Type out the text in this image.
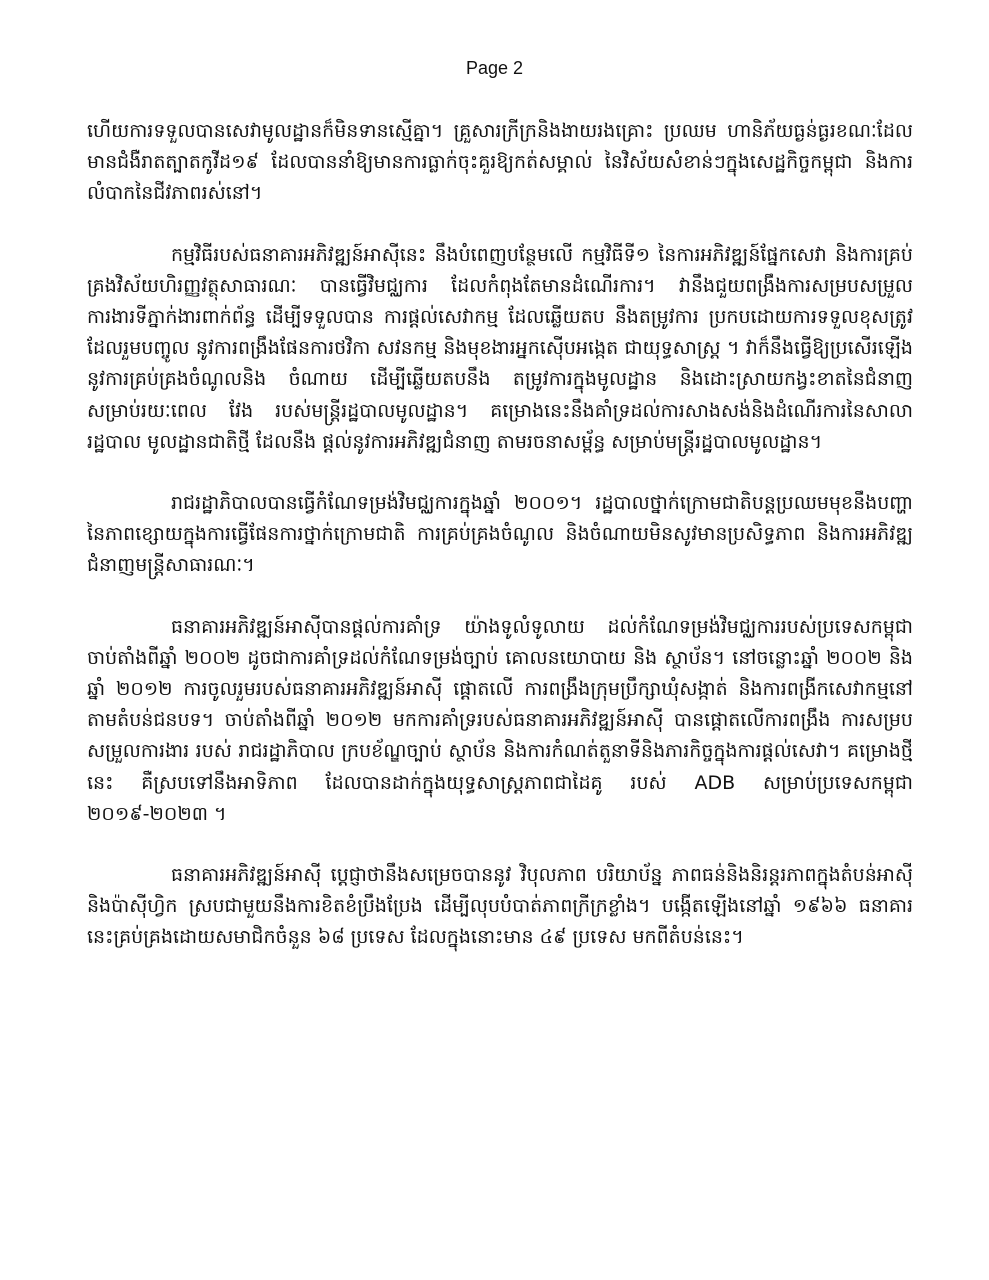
Page 2

ហើយការទទួលបានសេវាមូលដ្ឋានក៏មិនទានស្មើគ្នា។ គ្រួសារក្រីក្រនិងងាយរងគ្រោះ ប្រឈម ហានិភ័យធ្ងន់ធ្ងរខណៈដែលមានជំងឺរាតត្បាតកូវីដ១៩ ដែលបាននាំឱ្យមានការធ្លាក់ចុះគួរឱ្យកត់សម្គាល់ នៃវិស័យសំខាន់ៗក្នុងសេដ្ឋកិច្ចកម្ពុជា និងការលំបាកនៃជីវភាពរស់នៅ។

កម្មវិធីរបស់ធនាគារអភិវឌ្ឍន៍អាស៊ីនេះ នឹងបំពេញបន្ថែមលើ កម្មវិធីទី១ នៃការអភិវឌ្ឍន៍ផ្នែកសេវា និងការគ្រប់គ្រងវិស័យហិរញ្ញវត្ថុសាធារណៈ បានធ្វើវិមជ្ឈការ ដែលកំពុងតែមានដំណើរការ។ វានឹងជួយពង្រឹងការសម្របសម្រួលការងារទីភ្នាក់ងារពាក់ព័ន្ធ ដើម្បីទទួលបាន ការផ្តល់សេវាកម្ម ដែលឆ្លើយតប នឹងតម្រូវការ ប្រកបដោយការទទួលខុសត្រូវ ដែលរួមបញ្ចូល នូវការពង្រឹងផែនការថវិកា សវនកម្ម និងមុខងារអ្នកស៊ើបអង្កេត ជាយុទ្ធសាស្ត្រ ។ វាក៏នឹងធ្វើឱ្យប្រសើរឡើង នូវការគ្រប់គ្រងចំណូលនិង ចំណាយ ដើម្បីឆ្លើយតបនឹង តម្រូវការក្នុងមូលដ្ឋាន និងដោះស្រាយកង្វះខាតនៃជំនាញសម្រាប់រយៈពេល វែង របស់មន្ត្រីរដ្ឋបាលមូលដ្ឋាន។ គម្រោងនេះនឹងគាំទ្រដល់ការសាងសង់និងដំណើរការនៃសាលារដ្ឋបាល មូលដ្ឋានជាតិថ្មី ដែលនឹង ផ្តល់នូវការអភិវឌ្ឍជំនាញ តាមរចនាសម្ព័ន្ធ សម្រាប់មន្ត្រីរដ្ឋបាលមូលដ្ឋាន។

រាជរដ្ឋាភិបាលបានធ្វើកំណែទម្រង់វិមជ្ឈការក្នុងឆ្នាំ ២០០១។ រដ្ឋបាលថ្នាក់ក្រោមជាតិបន្តប្រឈមមុខនឹងបញ្ហានៃភាពខ្សោយក្នុងការធ្វើផែនការថ្នាក់ក្រោមជាតិ ការគ្រប់គ្រងចំណូល និងចំណាយមិនសូវមានប្រសិទ្ធភាព និងការអភិវឌ្ឍជំនាញមន្ត្រីសាធារណៈ។

ធនាគារអភិវឌ្ឍន៍អាស៊ីបានផ្តល់ការគាំទ្រ យ៉ាងទូលំទូលាយ ដល់កំណែទម្រង់វិមជ្ឈការរបស់ប្រទេសកម្ពុជា ចាប់តាំងពីឆ្នាំ ២០០២ ដូចជាការគាំទ្រដល់កំណែទម្រង់ច្បាប់ គោលនយោបាយ និង ស្ថាប័ន។ នៅចន្លោះឆ្នាំ ២០០២ និងឆ្នាំ ២០១២ ការចូលរួមរបស់ធនាគារអភិវឌ្ឍន៍អាស៊ី ផ្តោតលើ ការពង្រឹងក្រុមប្រឹក្សាឃុំសង្កាត់ និងការពង្រីកសេវាកម្មនៅតាមតំបន់ជនបទ។ ចាប់តាំងពីឆ្នាំ ២០១២ មកការគាំទ្ររបស់ធនាគារអភិវឌ្ឍន៍អាស៊ី បានផ្តោតលើការពង្រឹង ការសម្របសម្រួលការងារ របស់ រាជរដ្ឋាភិបាល ក្របខ័ណ្ឌច្បាប់ ស្ថាប័ន និងការកំណត់តួនាទីនិងភារកិច្ចក្នុងការផ្តល់សេវា។ គម្រោងថ្មីនេះ គឺស្របទៅនឹងអាទិភាព ដែលបានដាក់ក្នុងយុទ្ធសាស្ត្រភាពជាដៃគូ របស់ ADB សម្រាប់ប្រទេសកម្ពុជា ២០១៩-២០២៣ ។

ធនាគារអភិវឌ្ឍន៍អាស៊ី ប្តេជ្ញាថានឹងសម្រេចបាននូវ វិបុលភាព បរិយាប័ន្ន ភាពធន់និងនិរន្តរភាពក្នុងតំបន់អាស៊ីនិងប៉ាស៊ីហ្វិក ស្របជាមួយនឹងការខិតខំប្រឹងប្រែង ដើម្បីលុបបំបាត់ភាពក្រីក្រខ្លាំង។ បង្កើតឡើងនៅឆ្នាំ ១៩៦៦ ធនាគារនេះគ្រប់គ្រងដោយសមាជិកចំនួន ៦៨ ប្រទេស ដែលក្នុងនោះមាន ៤៩ ប្រទេស មកពីតំបន់នេះ។
